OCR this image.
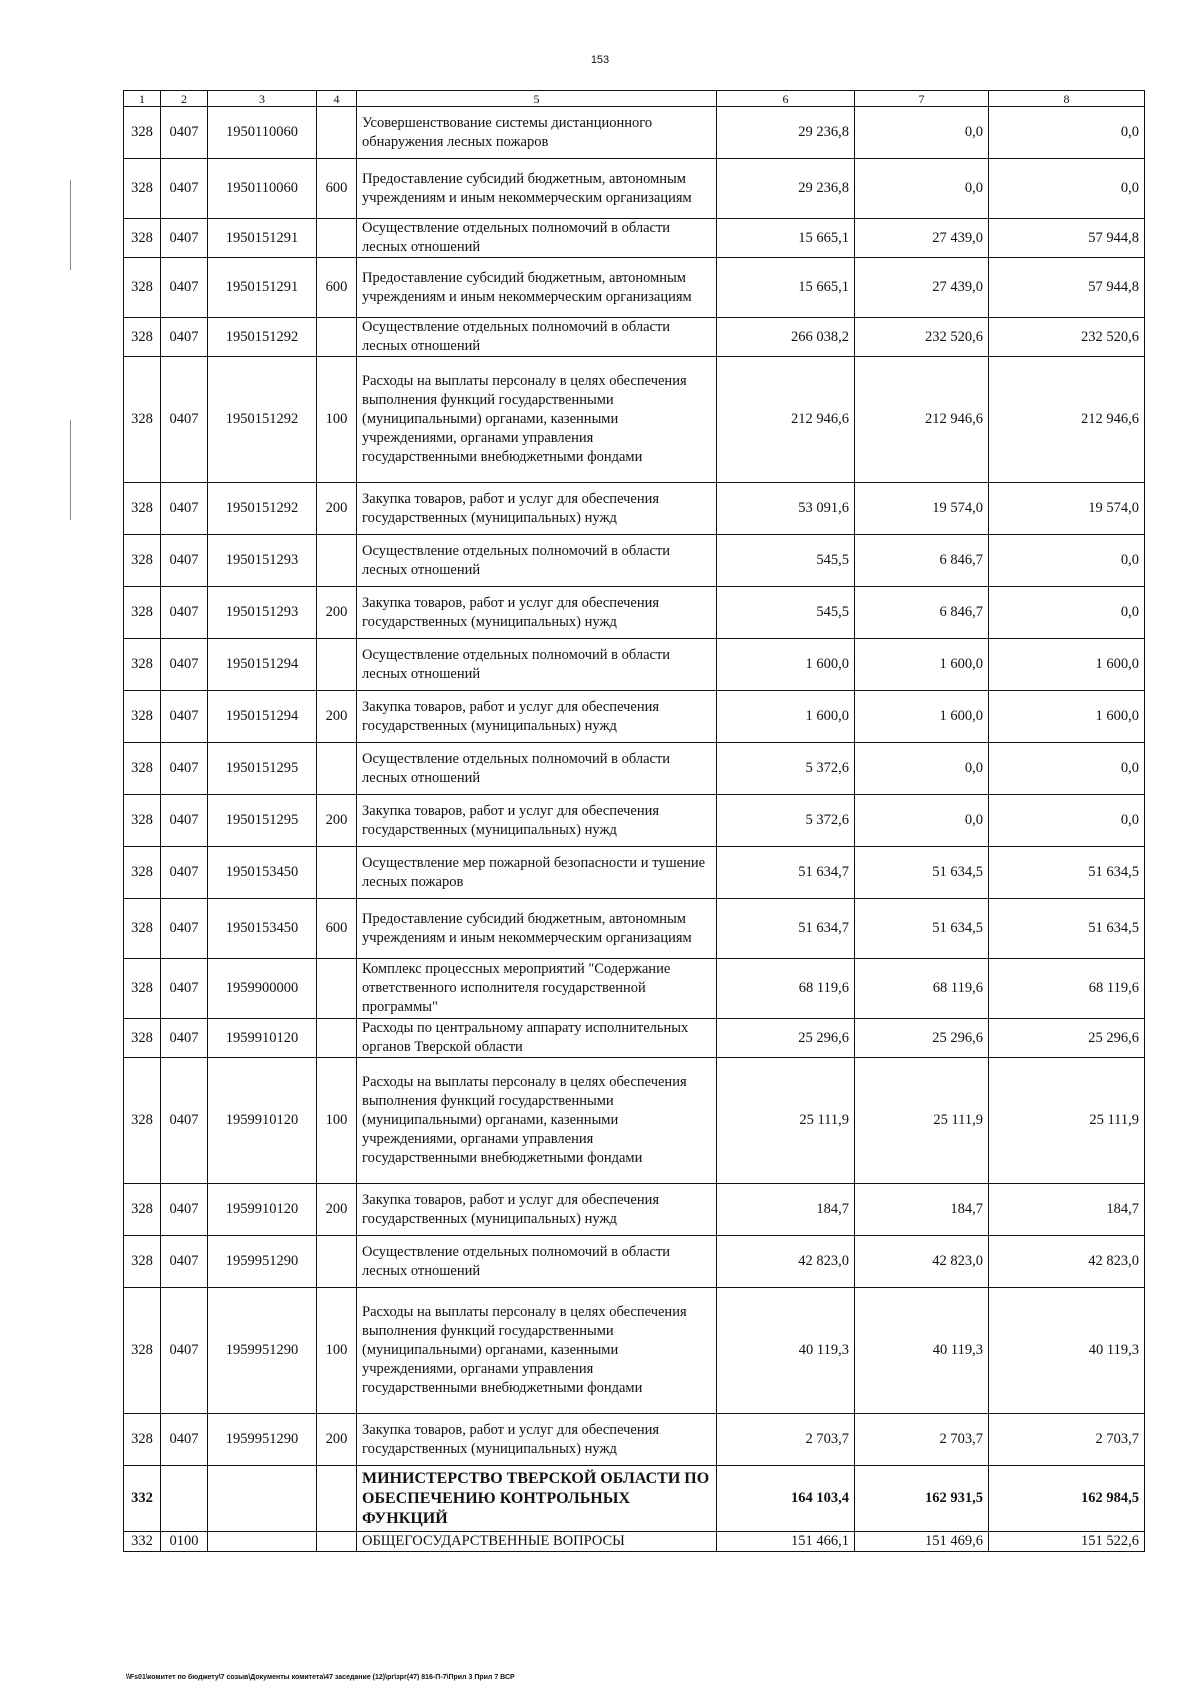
153
1	2	3	4	5	6	7	8
328	0407	1950110060		Усовершенствование системы дистанционного обнаружения лесных пожаров	29 236,8	0,0	0,0
328	0407	1950110060	600	Предоставление субсидий бюджетным, автономным учреждениям и иным некоммерческим организациям	29 236,8	0,0	0,0
328	0407	1950151291		Осуществление отдельных полномочий в области лесных отношений	15 665,1	27 439,0	57 944,8
328	0407	1950151291	600	Предоставление субсидий бюджетным, автономным учреждениям и иным некоммерческим организациям	15 665,1	27 439,0	57 944,8
328	0407	1950151292		Осуществление отдельных полномочий в области лесных отношений	266 038,2	232 520,6	232 520,6
328	0407	1950151292	100	Расходы на выплаты персоналу в целях обеспечения выполнения функций государственными (муниципальными) органами, казенными учреждениями, органами управления государственными внебюджетными фондами	212 946,6	212 946,6	212 946,6
328	0407	1950151292	200	Закупка товаров, работ и услуг для обеспечения государственных (муниципальных) нужд	53 091,6	19 574,0	19 574,0
328	0407	1950151293		Осуществление отдельных полномочий в области лесных отношений	545,5	6 846,7	0,0
328	0407	1950151293	200	Закупка товаров, работ и услуг для обеспечения государственных (муниципальных) нужд	545,5	6 846,7	0,0
328	0407	1950151294		Осуществление отдельных полномочий в области лесных отношений	1 600,0	1 600,0	1 600,0
328	0407	1950151294	200	Закупка товаров, работ и услуг для обеспечения государственных (муниципальных) нужд	1 600,0	1 600,0	1 600,0
328	0407	1950151295		Осуществление отдельных полномочий в области лесных отношений	5 372,6	0,0	0,0
328	0407	1950151295	200	Закупка товаров, работ и услуг для обеспечения государственных (муниципальных) нужд	5 372,6	0,0	0,0
328	0407	1950153450		Осуществление мер пожарной безопасности и тушение лесных пожаров	51 634,7	51 634,5	51 634,5
328	0407	1950153450	600	Предоставление субсидий бюджетным, автономным учреждениям и иным некоммерческим организациям	51 634,7	51 634,5	51 634,5
328	0407	1959900000		Комплекс процессных мероприятий "Содержание ответственного исполнителя государственной программы"	68 119,6	68 119,6	68 119,6
328	0407	1959910120		Расходы по центральному аппарату исполнительных органов Тверской области	25 296,6	25 296,6	25 296,6
328	0407	1959910120	100	Расходы на выплаты персоналу в целях обеспечения выполнения функций государственными (муниципальными) органами, казенными учреждениями, органами управления государственными внебюджетными фондами	25 111,9	25 111,9	25 111,9
328	0407	1959910120	200	Закупка товаров, работ и услуг для обеспечения государственных (муниципальных) нужд	184,7	184,7	184,7
328	0407	1959951290		Осуществление отдельных полномочий в области лесных отношений	42 823,0	42 823,0	42 823,0
328	0407	1959951290	100	Расходы на выплаты персоналу в целях обеспечения выполнения функций государственными (муниципальными) органами, казенными учреждениями, органами управления государственными внебюджетными фондами	40 119,3	40 119,3	40 119,3
328	0407	1959951290	200	Закупка товаров, работ и услуг для обеспечения государственных (муниципальных) нужд	2 703,7	2 703,7	2 703,7
332				МИНИСТЕРСТВО ТВЕРСКОЙ ОБЛАСТИ ПО ОБЕСПЕЧЕНИЮ КОНТРОЛЬНЫХ ФУНКЦИЙ	164 103,4	162 931,5	162 984,5
332	0100			ОБЩЕГОСУДАРСТВЕННЫЕ ВОПРОСЫ	151 466,1	151 469,6	151 522,6
\\Fs01\комитет по бюджету\7 созыв\Документы комитета\47 заседание (12)\рг\зрг(47) 816-П-7\Прил 3 Прил 7 ВСР
